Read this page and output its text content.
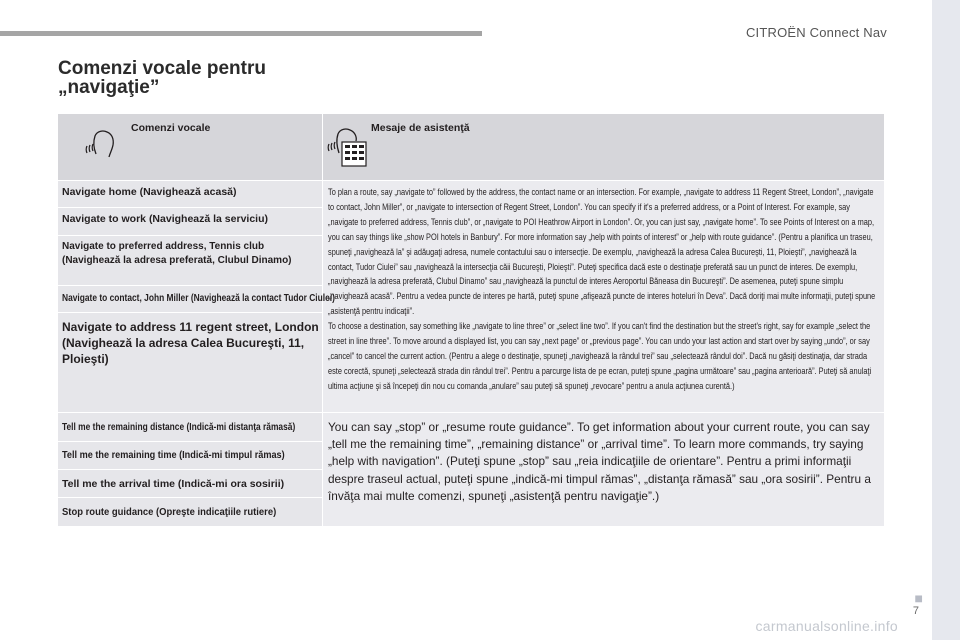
CITROËN Connect Nav
■
7
carmanualsonline.info
Comenzi vocale pentru „navigaţie”
Comenzi vocale	Mesaje de asistenţă

Navigate home (Navighează acasă)	To plan a route, say „navigate to” followed by the address, the contact name or an intersection. For example, „navigate to address 11 Regent Street, London”, „navigate to contact, John Miller”, or „navigate to intersection of Regent Street, London”. You can specify if it's a preferred address, or a Point of Interest. For example, say „navigate to preferred address, Tennis club”, or „navigate to POI Heathrow Airport in London”. Or, you can just say, „navigate home”. To see Points of Interest on a map, you can say things like „show POI hotels in Banbury”. For more information say „help with points of interest” or „help with route guidance”. (Pentru a planifica un traseu, spuneţi „navighează la” şi adăugaţi adresa, numele contactului sau o intersecţie. De exemplu, „navighează la adresa Calea Bucureşti, 11, Ploieşti”, „navighează la contact, Tudor Ciulei” sau „navighează la intersecţia căii Bucureşti, Ploieşti”. Puteţi specifica dacă este o destinaţie preferată sau un punct de interes. De exemplu, „navighează la adresa preferată, Clubul Dinamo” sau „navighează la punctul de interes Aeroportul Băneasa din Bucureşti”. De asemenea, puteţi spune simplu „navighează acasă”. Pentru a vedea puncte de interes pe hartă, puteţi spune „afişează puncte de interes hoteluri în Deva”. Dacă doriţi mai multe informaţii, puteţi spune „asistenţă pentru indicaţii”.

To choose a destination, say something like „navigate to line three” or „select line two”. If you can't find the destination but the street's right, say for example „select the street in line three”. To move around a displayed list, you can say „next page” or „previous page”. You can undo your last action and start over by saying „undo”, or say „cancel” to cancel the current action. (Pentru a alege o destinaţie, spuneţi „navighează la rândul trei” sau „selectează rândul doi”. Dacă nu găsiţi destinaţia, dar strada este corectă, spuneţi „selectează strada din rândul trei”. Pentru a parcurge lista de pe ecran, puteţi spune „pagina următoare” sau „pagina anterioară”. Puteţi să anulaţi ultima acţiune şi să începeţi din nou cu comanda „anulare” sau puteţi să spuneţi „revocare” pentru a anula acţiunea curentă.)

Navigate to work (Navighează la serviciu)	
Navigate to preferred address, Tennis club (Navighează la adresa preferată, Clubul Dinamo)	
Navigate to contact, John Miller (Navighează la contact Tudor Ciulei)	
Navigate to address 11 regent street, London (Navighează la adresa Calea Bucureşti, 11, Ploieşti)	
Tell me the remaining distance (Indică-mi distanţa rămasă)	You can say „stop” or „resume route guidance”. To get information about your current route, you can say „tell me the remaining time”, „remaining distance” or „arrival time”. To learn more commands, try saying „help with navigation”. (Puteţi spune „stop” sau „reia indicaţiile de orientare”. Pentru a primi informaţii despre traseul actual, puteţi spune „indică-mi timpul rămas”, „distanţa rămasă” sau „ora sosirii”. Pentru a învăţa mai multe comenzi, spuneţi „asistenţă pentru navigaţie”.)

Tell me the remaining time (Indică-mi timpul rămas)	
Tell me the arrival time (Indică-mi ora sosirii)	
Stop route guidance (Opreşte indicaţiile rutiere)	
